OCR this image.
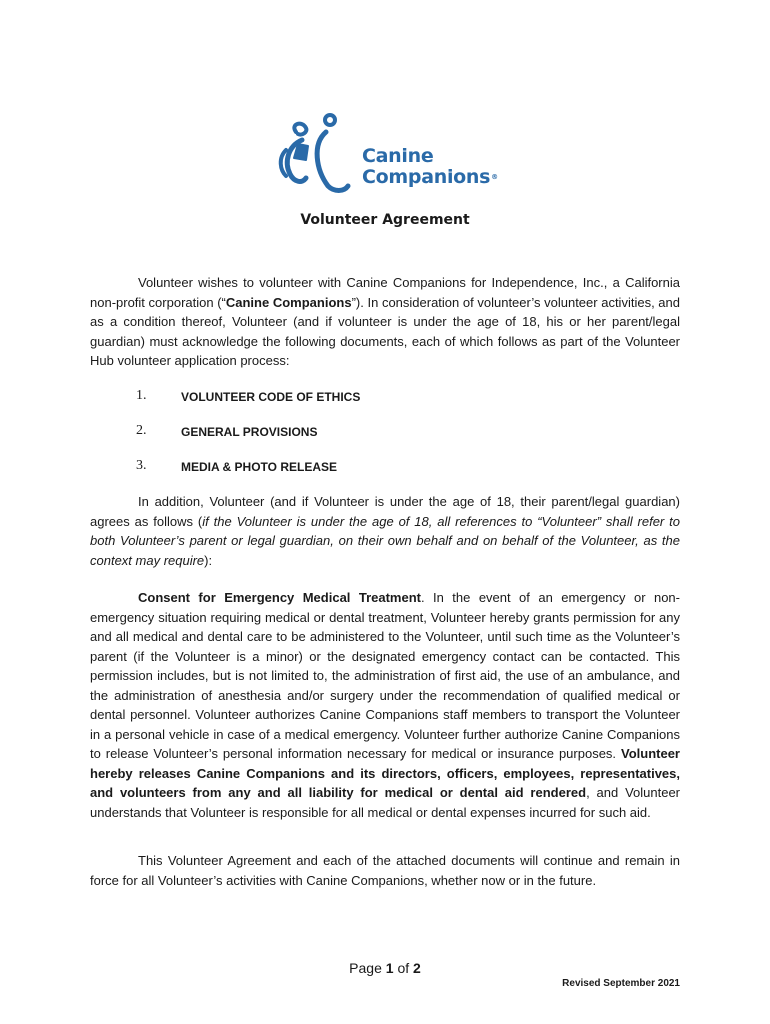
Canine
Companions®
Volunteer Agreement
Volunteer wishes to volunteer with Canine Companions for Independence, Inc., a California non-profit corporation (“Canine Companions”). In consideration of volunteer’s volunteer activities, and as a condition thereof, Volunteer (and if volunteer is under the age of 18, his or her parent/legal guardian) must acknowledge the following documents, each of which follows as part of the Volunteer Hub volunteer application process:
1.	VOLUNTEER CODE OF ETHICS
2.	GENERAL PROVISIONS
3.	MEDIA & PHOTO RELEASE
In addition, Volunteer (and if Volunteer is under the age of 18, their parent/legal guardian) agrees as follows (if the Volunteer is under the age of 18, all references to “Volunteer” shall refer to both Volunteer’s parent or legal guardian, on their own behalf and on behalf of the Volunteer, as the context may require):
Consent for Emergency Medical Treatment. In the event of an emergency or non-emergency situation requiring medical or dental treatment, Volunteer hereby grants permission for any and all medical and dental care to be administered to the Volunteer, until such time as the Volunteer’s parent (if the Volunteer is a minor) or the designated emergency contact can be contacted. This permission includes, but is not limited to, the administration of first aid, the use of an ambulance, and the administration of anesthesia and/or surgery under the recommendation of qualified medical or dental personnel. Volunteer authorizes Canine Companions staff members to transport the Volunteer in a personal vehicle in case of a medical emergency. Volunteer further authorize Canine Companions to release Volunteer’s personal information necessary for medical or insurance purposes. Volunteer hereby releases Canine Companions and its directors, officers, employees, representatives, and volunteers from any and all liability for medical or dental aid rendered, and Volunteer understands that Volunteer is responsible for all medical or dental expenses incurred for such aid.
This Volunteer Agreement and each of the attached documents will continue and remain in force for all Volunteer’s activities with Canine Companions, whether now or in the future.
Page 1 of 2
Revised September 2021
